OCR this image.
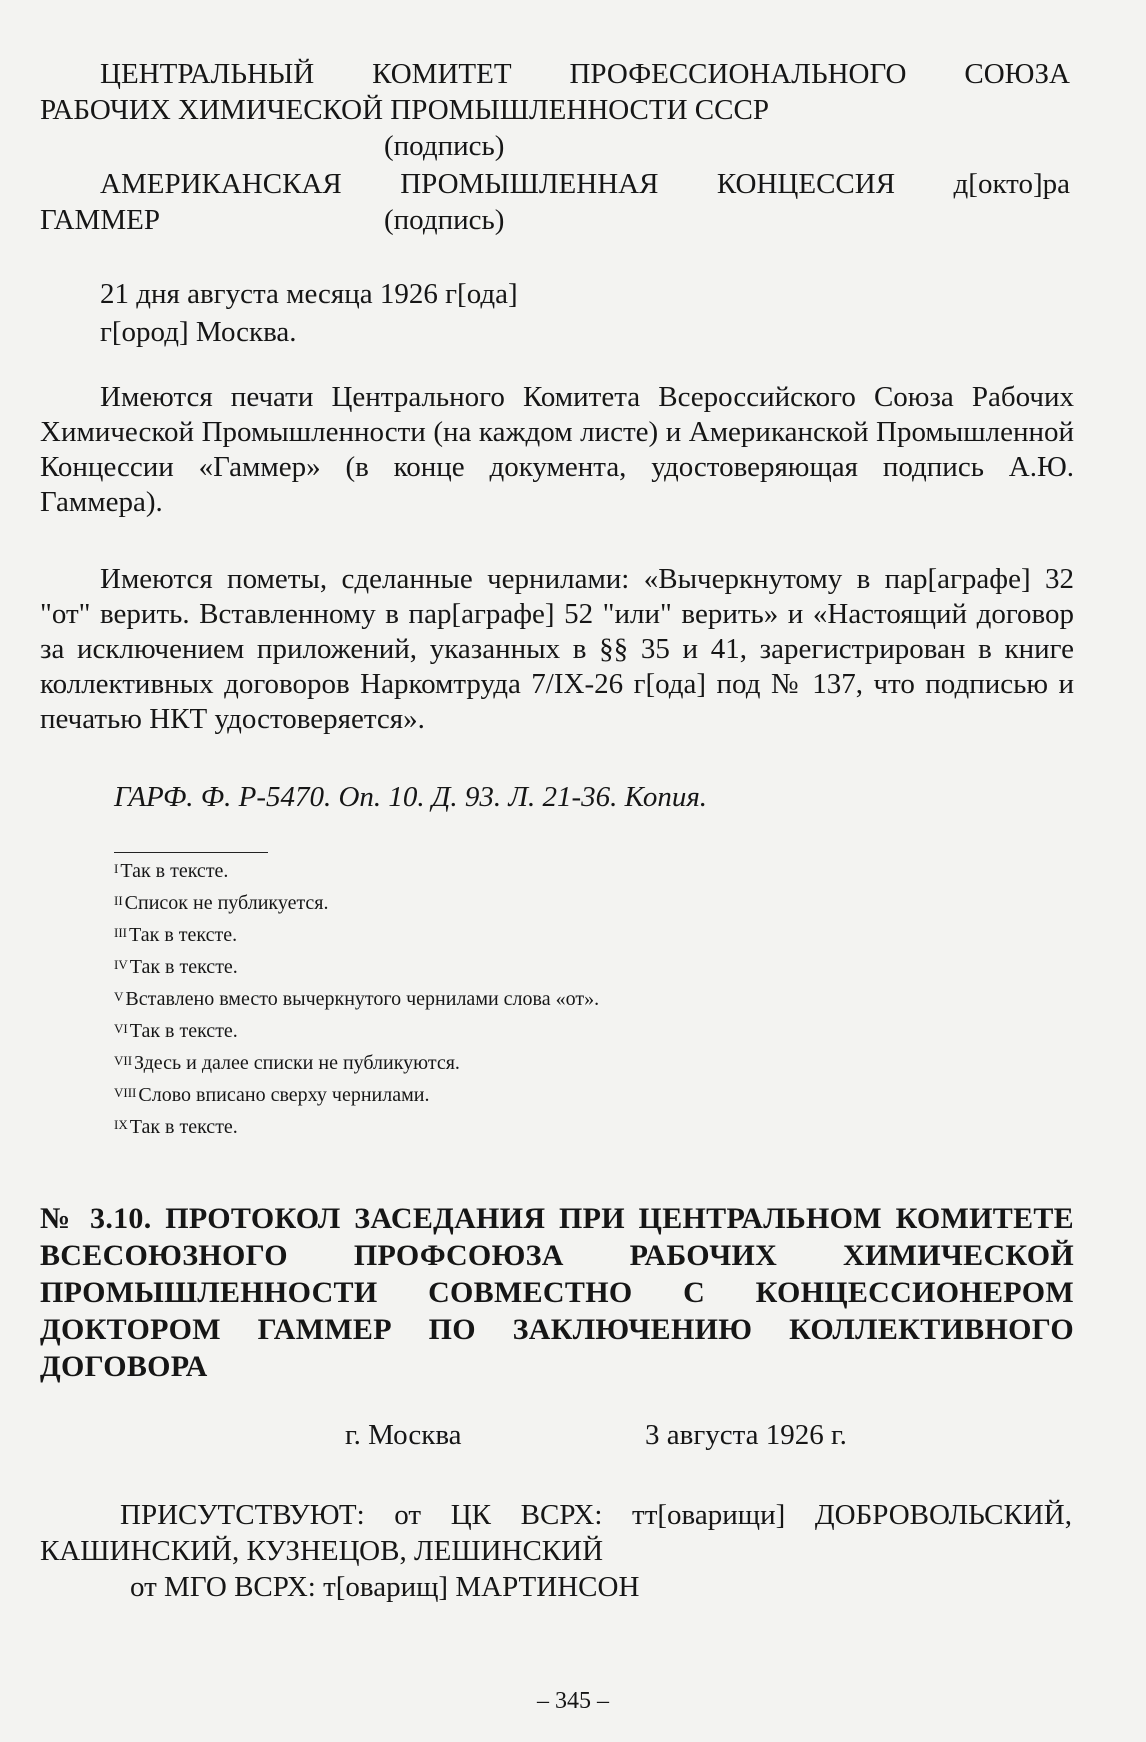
ЦЕНТРАЛЬНЫЙ КОМИТЕТ ПРОФЕССИОНАЛЬНОГО СОЮЗА
РАБОЧИХ ХИМИЧЕСКОЙ ПРОМЫШЛЕННОСТИ СССР
(подпись)
АМЕРИКАНСКАЯ ПРОМЫШЛЕННАЯ КОНЦЕССИЯ д[окто]ра
ГАММЕР	(подпись)
21 дня августа месяца 1926 г[ода]
г[ород] Москва.
Имеются печати Центрального Комитета Всероссийского Союза Рабочих Химической Промышленности (на каждом листе) и Американской Промышленной Концессии «Гаммер» (в конце документа, удостоверяющая подпись А.Ю. Гаммера).
Имеются пометы, сделанные чернилами: «Вычеркнутому в пар[аграфе] 32 "от" верить. Вставленному в пар[аграфе] 52 "или" верить» и «Настоящий договор за исключением приложений, указанных в §§ 35 и 41, зарегистрирован в книге коллективных договоров Наркомтруда 7/IX-26 г[ода] под № 137, что подписью и печатью НКТ удостоверяется».
ГАРФ. Ф. Р-5470. Оп. 10. Д. 93. Л. 21-36. Копия.
$^I$ Так в тексте.
$^{II}$ Список не публикуется.
$^{III}$ Так в тексте.
$^{IV}$ Так в тексте.
$^V$ Вставлено вместо вычеркнутого чернилами слова «от».
$^{VI}$ Так в тексте.
$^{VII}$ Здесь и далее списки не публикуются.
$^{VIII}$ Слово вписано сверху чернилами.
$^{IX}$ Так в тексте.
№ 3.10. ПРОТОКОЛ ЗАСЕДАНИЯ ПРИ ЦЕНТРАЛЬНОМ КОМИТЕТЕ ВСЕСОЮЗНОГО ПРОФСОЮЗА РАБОЧИХ ХИМИЧЕСКОЙ ПРОМЫШЛЕННОСТИ СОВМЕСТНО С КОНЦЕССИОНЕРОМ ДОКТОРОМ ГАММЕР ПО ЗАКЛЮЧЕНИЮ КОЛЛЕКТИВНОГО ДОГОВОРА
г. Москва	3 августа 1926 г.
ПРИСУТСТВУЮТ: от ЦК ВСРХ: тт[оварищи] ДОБРОВОЛЬСКИЙ,
КАШИНСКИЙ, КУЗНЕЦОВ, ЛЕШИНСКИЙ
от МГО ВСРХ: т[оварищ] МАРТИНСОН
– 345 –
